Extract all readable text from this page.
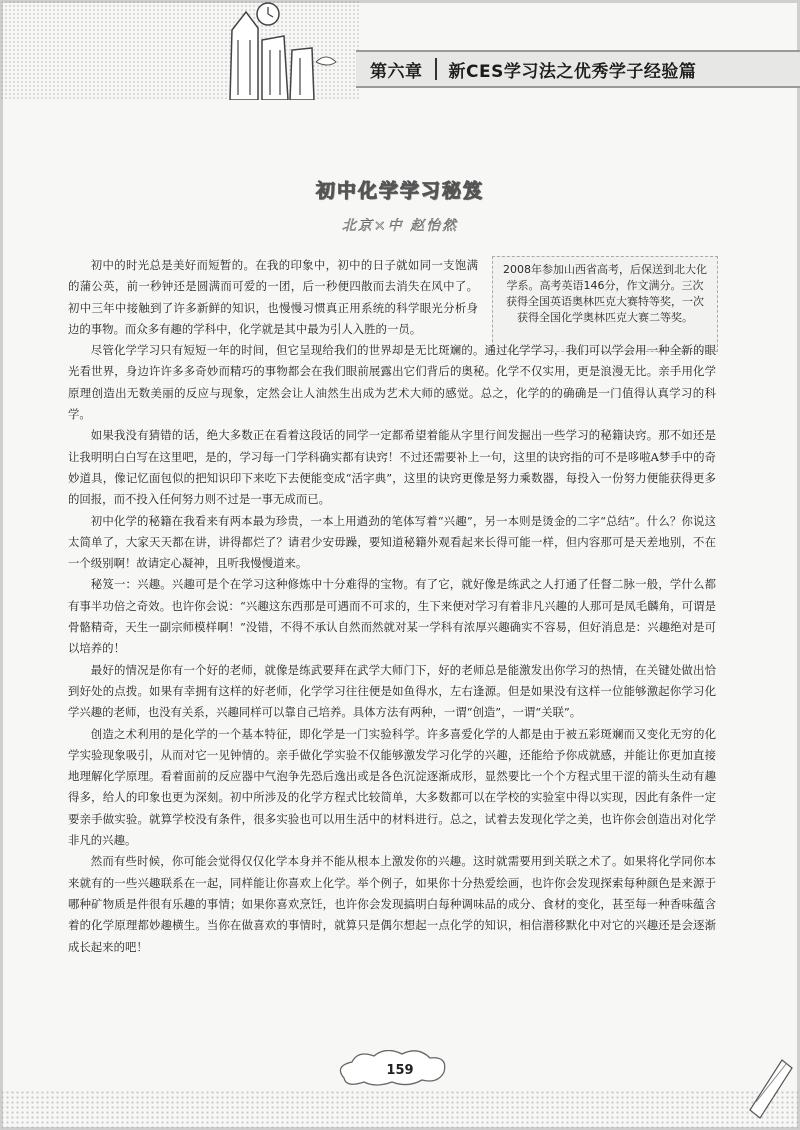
第六章 新CES学习法之优秀学子经验篇
初中化学学习秘笈
北京×中 赵怡然
2008年参加山西省高考，后保送到北大化学系。高考英语146分，作文满分。三次获得全国英语奥林匹克大赛特等奖，一次获得全国化学奥林匹克大赛二等奖。

初中的时光总是美好而短暂的。在我的印象中，初中的日子就如同一支饱满的蒲公英，前一秒钟还是圆满而可爱的一团，后一秒便四散而去消失在风中了。初中三年中接触到了许多新鲜的知识，也慢慢习惯真正用系统的科学眼光分析身边的事物。而众多有趣的学科中，化学就是其中最为引人入胜的一员。

尽管化学学习只有短短一年的时间，但它呈现给我们的世界却是无比斑斓的。通过化学学习，我们可以学会用一种全新的眼光看世界，身边许许多多奇妙而精巧的事物都会在我们眼前展露出它们背后的奥秘。化学不仅实用，更是浪漫无比。亲手用化学原理创造出无数美丽的反应与现象，定然会让人油然生出成为艺术大师的感觉。总之，化学的的确确是一门值得认真学习的科学。

如果我没有猜错的话，绝大多数正在看着这段话的同学一定都希望着能从字里行间发掘出一些学习的秘籍诀窍。那不如还是让我明明白白写在这里吧，是的，学习每一门学科确实都有诀窍！不过还需要补上一句，这里的诀窍指的可不是哆啦A梦手中的奇妙道具，像记忆面包似的把知识印下来吃下去便能变成“活字典”，这里的诀窍更像是努力乘数器，每投入一份努力便能获得更多的回报，而不投入任何努力则不过是一事无成而已。

初中化学的秘籍在我看来有两本最为珍贵，一本上用遒劲的笔体写着“兴趣”，另一本则是烫金的二字“总结”。什么？你说这太简单了，大家天天都在讲，讲得都烂了？请君少安毋躁，要知道秘籍外观看起来长得可能一样，但内容那可是天差地别，不在一个级别啊！故请定心凝神，且听我慢慢道来。

秘笈一：兴趣。兴趣可是个在学习这种修炼中十分难得的宝物。有了它，就好像是练武之人打通了任督二脉一般，学什么都有事半功倍之奇效。也许你会说：“兴趣这东西那是可遇而不可求的，生下来便对学习有着非凡兴趣的人那可是凤毛麟角，可谓是骨骼精奇，天生一副宗师模样啊！”没错，不得不承认自然而然就对某一学科有浓厚兴趣确实不容易，但好消息是：兴趣绝对是可以培养的！

最好的情况是你有一个好的老师，就像是练武要拜在武学大师门下，好的老师总是能激发出你学习的热情，在关键处做出恰到好处的点拨。如果有幸拥有这样的好老师，化学学习往往便是如鱼得水，左右逢源。但是如果没有这样一位能够激起你学习化学兴趣的老师，也没有关系，兴趣同样可以靠自己培养。具体方法有两种，一谓“创造”，一谓“关联”。

创造之术利用的是化学的一个基本特征，即化学是一门实验科学。许多喜爱化学的人都是由于被五彩斑斓而又变化无穷的化学实验现象吸引，从而对它一见钟情的。亲手做化学实验不仅能够激发学习化学的兴趣，还能给予你成就感，并能让你更加直接地理解化学原理。看着面前的反应器中气泡争先恐后逸出或是各色沉淀逐渐成形，显然要比一个个方程式里干涩的箭头生动有趣得多，给人的印象也更为深刻。初中所涉及的化学方程式比较简单，大多数都可以在学校的实验室中得以实现，因此有条件一定要亲手做实验。就算学校没有条件，很多实验也可以用生活中的材料进行。总之，试着去发现化学之美，也许你会创造出对化学非凡的兴趣。

然而有些时候，你可能会觉得仅仅化学本身并不能从根本上激发你的兴趣。这时就需要用到关联之术了。如果将化学同你本来就有的一些兴趣联系在一起，同样能让你喜欢上化学。举个例子，如果你十分热爱绘画，也许你会发现探索每种颜色是来源于哪种矿物质是件很有乐趣的事情；如果你喜欢烹饪，也许你会发现搞明白每种调味品的成分、食材的变化，甚至每一种香味蕴含着的化学原理都妙趣横生。当你在做喜欢的事情时，就算只是偶尔想起一点化学的知识，相信潜移默化中对它的兴趣还是会逐渐成长起来的吧！

159
